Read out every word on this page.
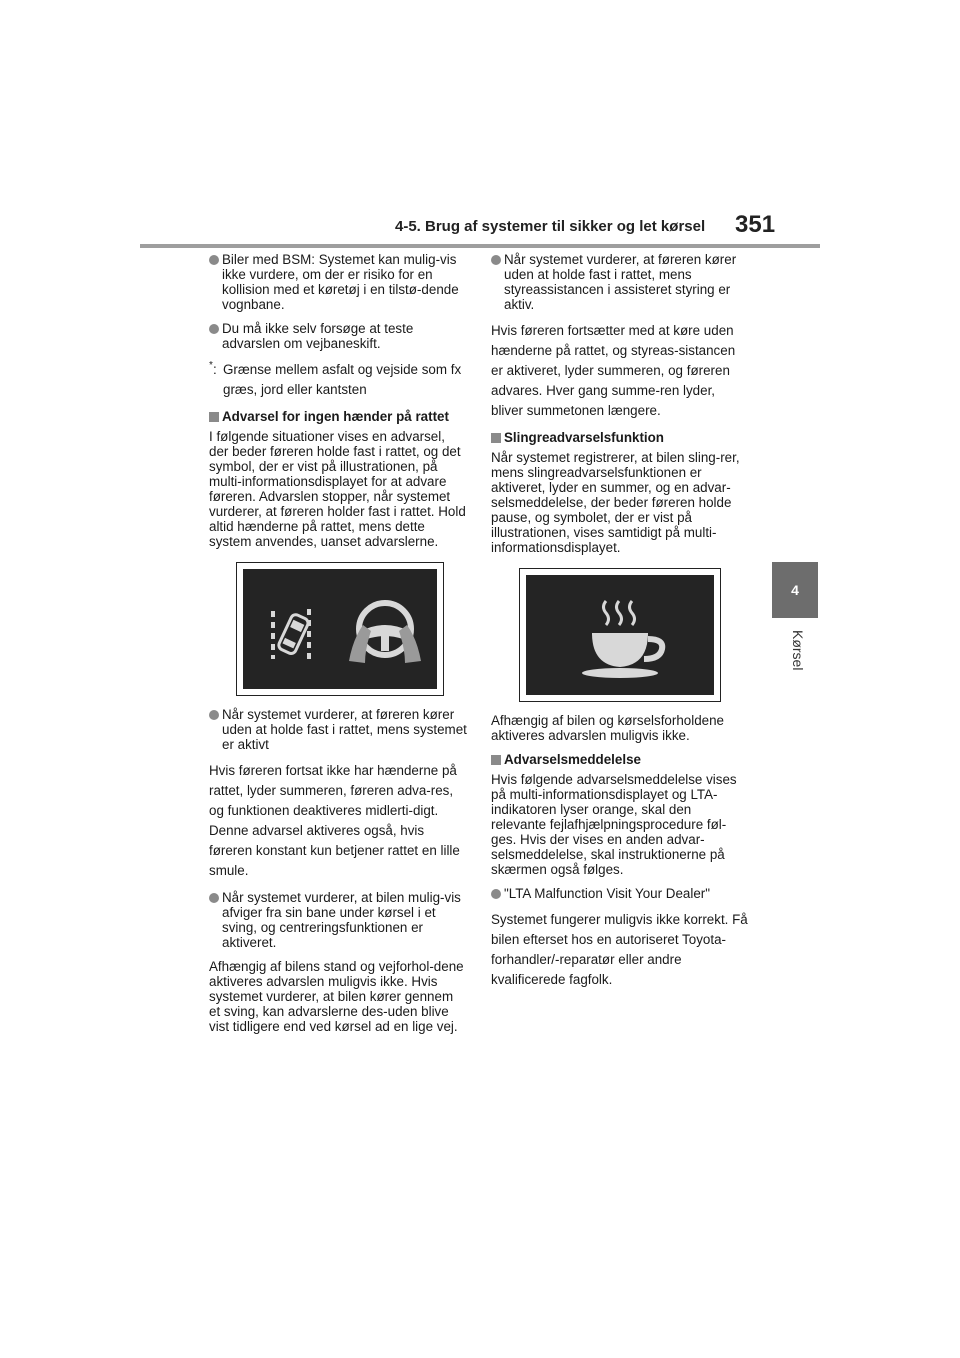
4-5. Brug af systemer til sikker og let kørsel 351
4
Kørsel
Biler med BSM: Systemet kan mulig-vis ikke vurdere, om der er risiko for en kollision med et køretøj i en tilstø-dende vognbane.
Du må ikke selv forsøge at teste advarslen om vejbaneskift.
* : Grænse mellem asfalt og vejside som fx græs, jord eller kantsten
Advarsel for ingen hænder på rattet
I følgende situationer vises en advarsel, der beder føreren holde fast i rattet, og det symbol, der er vist på illustrationen, på multi-informationsdisplayet for at advare føreren. Advarslen stopper, når systemet vurderer, at føreren holder fast i rattet. Hold altid hænderne på rattet, mens dette system anvendes, uanset advarslerne.
Når systemet vurderer, at føreren kører uden at holde fast i rattet, mens systemet er aktivt
Hvis føreren fortsat ikke har hænderne på rattet, lyder summeren, føreren adva-res, og funktionen deaktiveres midlerti-digt. Denne advarsel aktiveres også, hvis føreren konstant kun betjener rattet en lille smule.
Når systemet vurderer, at bilen mulig-vis afviger fra sin bane under kørsel i et sving, og centreringsfunktionen er aktiveret.
Afhængig af bilens stand og vejforhol-dene aktiveres advarslen muligvis ikke. Hvis systemet vurderer, at bilen kører gennem et sving, kan advarslerne des-uden blive vist tidligere end ved kørsel ad en lige vej.
Når systemet vurderer, at føreren kører uden at holde fast i rattet, mens styreassistancen i assisteret styring er aktiv.
Hvis føreren fortsætter med at køre uden hænderne på rattet, og styreas-sistancen er aktiveret, lyder summeren, og føreren advares. Hver gang summe-ren lyder, bliver summetonen længere.
Slingreadvarselsfunktion
Når systemet registrerer, at bilen sling-rer, mens slingreadvarselsfunktionen er aktiveret, lyder en summer, og en advar-selsmeddelelse, der beder føreren holde pause, og symbolet, der er vist på illustrationen, vises samtidigt på multi-informationsdisplayet.
Afhængig af bilen og kørselsforholdene aktiveres advarslen muligvis ikke.
Advarselsmeddelelse
Hvis følgende advarselsmeddelelse vises på multi-informationsdisplayet og LTA-indikatoren lyser orange, skal den relevante fejlafhjælpningsprocedure føl-ges. Hvis der vises en anden advar-selsmeddelelse, skal instruktionerne på skærmen også følges.
"LTA Malfunction Visit Your Dealer"
Systemet fungerer muligvis ikke korrekt. Få bilen efterset hos en autoriseret Toyota-forhandler/-reparatør eller andre kvalificerede fagfolk.
